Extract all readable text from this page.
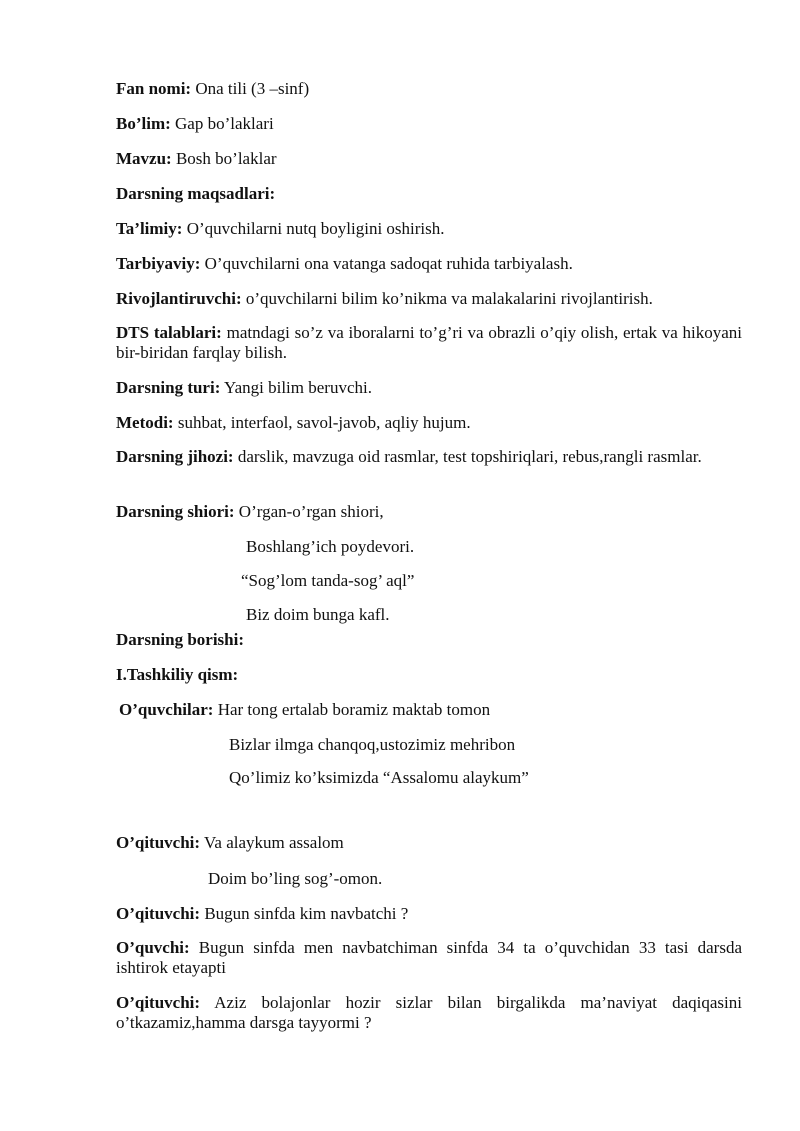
Fan nomi: Ona tili (3 –sinf)
Bo’lim: Gap bo’laklari
Mavzu: Bosh bo’laklar
Darsning maqsadlari:
Ta’limiy: O’quvchilarni nutq boyligini oshirish.
Tarbiyaviy: O’quvchilarni ona vatanga sadoqat ruhida tarbiyalash.
Rivojlantiruvchi: o’quvchilarni bilim ko’nikma va malakalarini rivojlantirish.
DTS talablari: matndagi so’z va iboralarni to’g’ri va obrazli o’qiy olish, ertak va hikoyani bir-biridan farqlay bilish.
Darsning turi: Yangi bilim beruvchi.
Metodi: suhbat, interfaol, savol-javob, aqliy hujum.
Darsning jihozi: darslik, mavzuga oid rasmlar, test topshiriqlari, rebus,rangli rasmlar.
Darsning shiori: O’rgan-o’rgan shiori,
Boshlang’ich poydevori.
“Sog’lom tanda-sog’ aql”
Biz doim bunga kafl.
Darsning borishi:
I.Tashkiliy qism:
O’quvchilar: Har tong ertalab boramiz maktab tomon
Bizlar ilmga chanqoq,ustozimiz mehribon
Qo’limiz ko’ksimizda “Assalomu alaykum”
O’qituvchi: Va alaykum assalom
Doim bo’ling sog’-omon.
O’qituvchi: Bugun sinfda kim navbatchi ?
O’quvchi: Bugun sinfda men navbatchiman sinfda 34 ta o’quvchidan 33 tasi darsda ishtirok etayapti
O’qituvchi: Aziz bolajonlar hozir sizlar bilan birgalikda ma’naviyat daqiqasini o’tkazamiz,hamma darsga tayyormi ?
